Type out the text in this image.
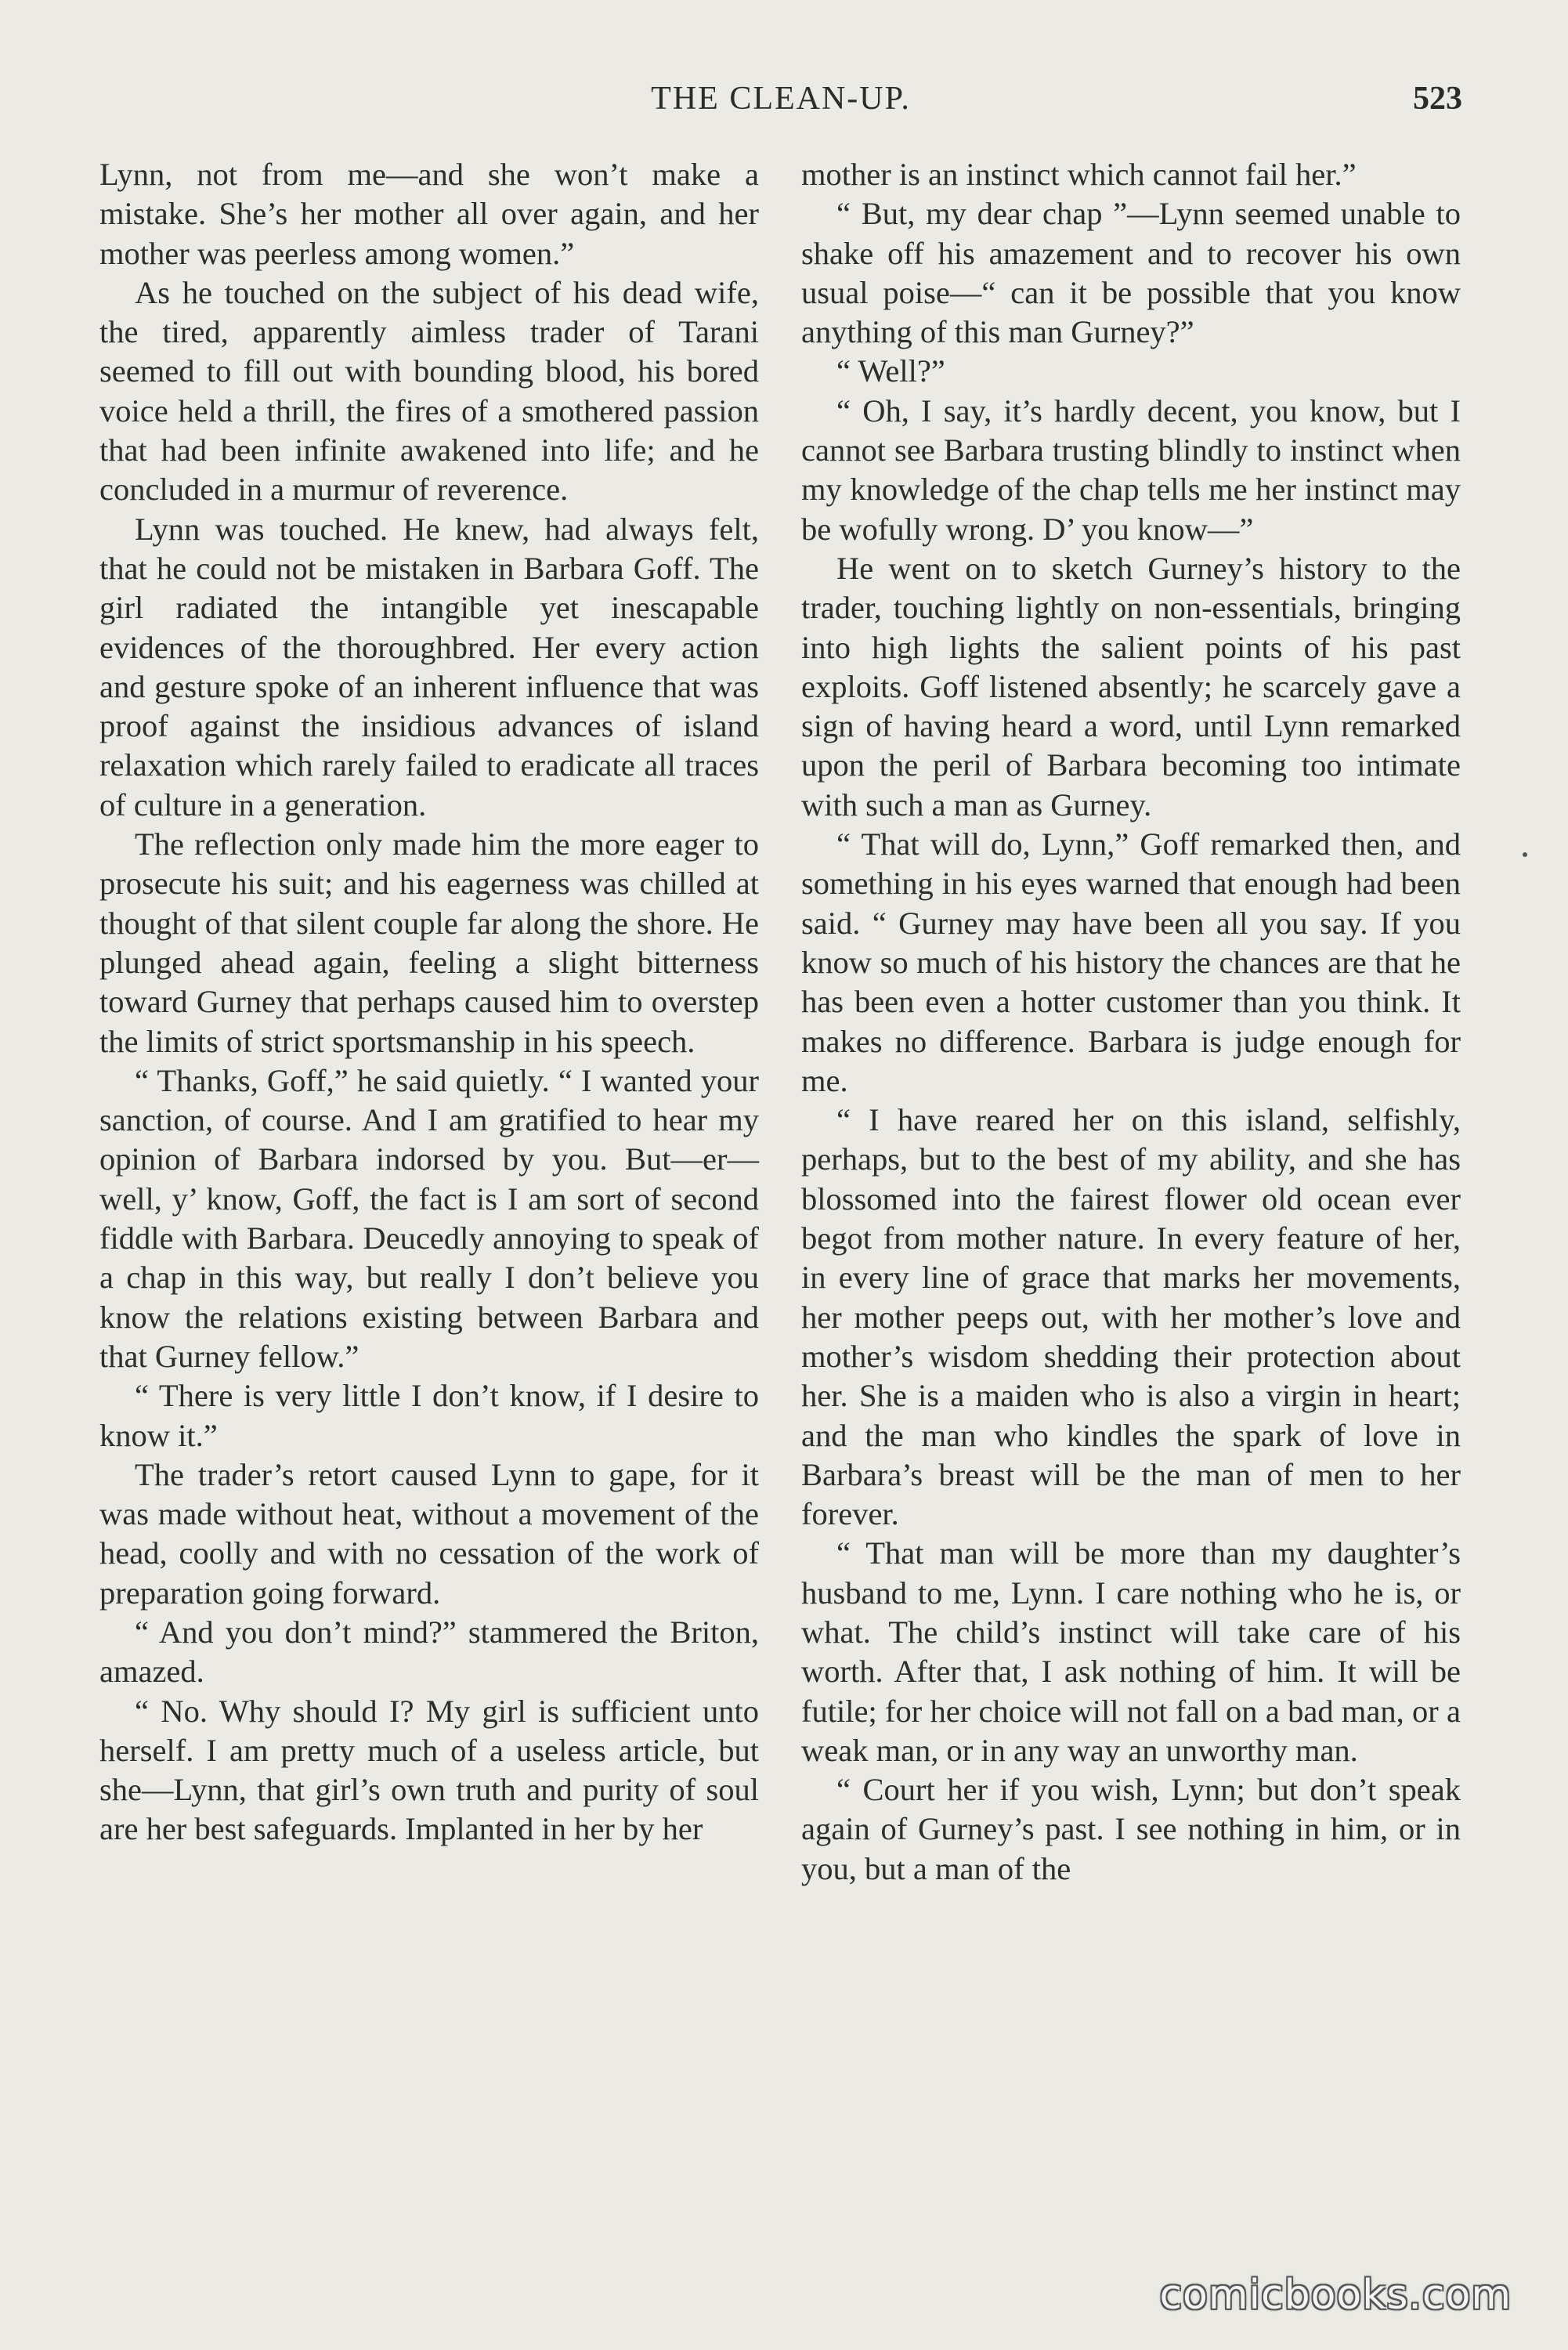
THE CLEAN-UP.	523

Lynn, not from me—and she won’t make a mistake. She’s her mother all over again, and her mother was peerless among women.”

As he touched on the subject of his dead wife, the tired, apparently aimless trader of Tarani seemed to fill out with bounding blood, his bored voice held a thrill, the fires of a smothered passion that had been infinite awakened into life; and he concluded in a murmur of reverence.

Lynn was touched. He knew, had always felt, that he could not be mistaken in Barbara Goff. The girl radiated the intangible yet inescapable evidences of the thoroughbred. Her every action and gesture spoke of an inherent influence that was proof against the insidious advances of island relaxation which rarely failed to eradicate all traces of culture in a generation.

The reflection only made him the more eager to prosecute his suit; and his eagerness was chilled at thought of that silent couple far along the shore. He plunged ahead again, feeling a slight bitterness toward Gurney that perhaps caused him to overstep the limits of strict sportsmanship in his speech.

“ Thanks, Goff,” he said quietly. “ I wanted your sanction, of course. And I am gratified to hear my opinion of Barbara indorsed by you. But—er—well, y’ know, Goff, the fact is I am sort of second fiddle with Barbara. Deucedly annoying to speak of a chap in this way, but really I don’t believe you know the relations existing between Barbara and that Gurney fellow.”

“ There is very little I don’t know, if I desire to know it.”

The trader’s retort caused Lynn to gape, for it was made without heat, without a movement of the head, coolly and with no cessation of the work of preparation going forward.

“ And you don’t mind?” stammered the Briton, amazed.

“ No. Why should I? My girl is sufficient unto herself. I am pretty much of a useless article, but she—Lynn, that girl’s own truth and purity of soul are her best safeguards. Implanted in her by her

mother is an instinct which cannot fail her.”

“ But, my dear chap ”—Lynn seemed unable to shake off his amazement and to recover his own usual poise—“ can it be possible that you know anything of this man Gurney?”

“ Well?”

“ Oh, I say, it’s hardly decent, you know, but I cannot see Barbara trusting blindly to instinct when my knowledge of the chap tells me her instinct may be wofully wrong. D’ you know—”

He went on to sketch Gurney’s history to the trader, touching lightly on non-essentials, bringing into high lights the salient points of his past exploits. Goff listened absently; he scarcely gave a sign of having heard a word, until Lynn remarked upon the peril of Barbara becoming too intimate with such a man as Gurney.

“ That will do, Lynn,” Goff remarked then, and something in his eyes warned that enough had been said. “ Gurney may have been all you say. If you know so much of his history the chances are that he has been even a hotter customer than you think. It makes no difference. Barbara is judge enough for me.

“ I have reared her on this island, selfishly, perhaps, but to the best of my ability, and she has blossomed into the fairest flower old ocean ever begot from mother nature. In every feature of her, in every line of grace that marks her movements, her mother peeps out, with her mother’s love and mother’s wisdom shedding their protection about her. She is a maiden who is also a virgin in heart; and the man who kindles the spark of love in Barbara’s breast will be the man of men to her forever.

“ That man will be more than my daughter’s husband to me, Lynn. I care nothing who he is, or what. The child’s instinct will take care of his worth. After that, I ask nothing of him. It will be futile; for her choice will not fall on a bad man, or a weak man, or in any way an unworthy man.

“ Court her if you wish, Lynn; but don’t speak again of Gurney’s past. I see nothing in him, or in you, but a man of the

comicbooks.com
